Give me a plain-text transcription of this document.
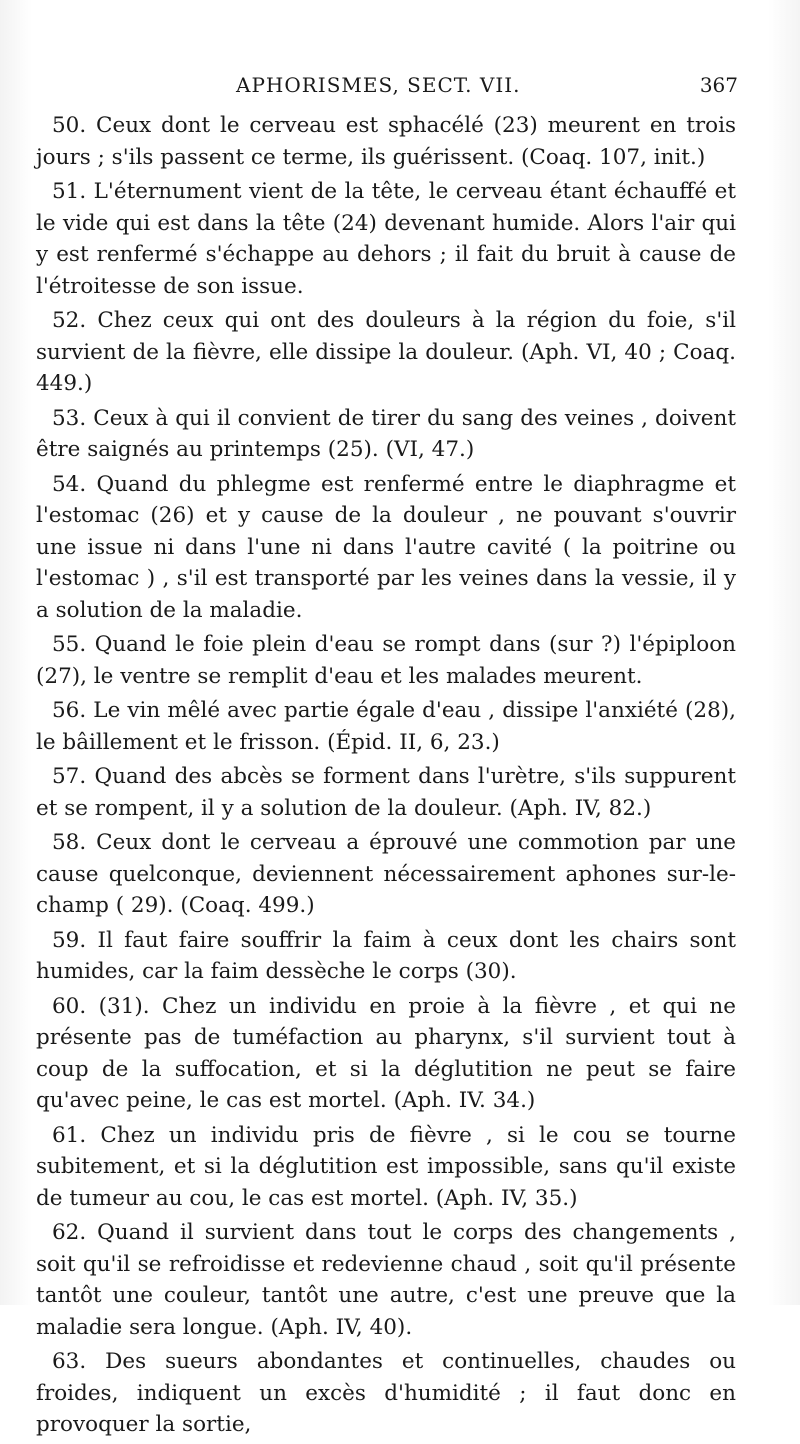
APHORISMES, SECT. VII.	367

50. Ceux dont le cerveau est sphacélé (23) meurent en trois jours ; s'ils passent ce terme, ils guérissent. (Coaq. 107, init.)

51. L'éternument vient de la tête, le cerveau étant échauffé et le vide qui est dans la tête (24) devenant humide. Alors l'air qui y est renfermé s'échappe au dehors ; il fait du bruit à cause de l'étroitesse de son issue.

52. Chez ceux qui ont des douleurs à la région du foie, s'il survient de la fièvre, elle dissipe la douleur. (Aph. VI, 40 ; Coaq. 449.)

53. Ceux à qui il convient de tirer du sang des veines , doivent être saignés au printemps (25). (VI, 47.)

54. Quand du phlegme est renfermé entre le diaphragme et l'estomac (26) et y cause de la douleur , ne pouvant s'ouvrir une issue ni dans l'une ni dans l'autre cavité ( la poitrine ou l'estomac ) , s'il est transporté par les veines dans la vessie, il y a solution de la maladie.

55. Quand le foie plein d'eau se rompt dans (sur ?) l'épiploon (27), le ventre se remplit d'eau et les malades meurent.

56. Le vin mêlé avec partie égale d'eau , dissipe l'anxiété (28), le bâillement et le frisson. (Épid. II, 6, 23.)

57. Quand des abcès se forment dans l'urètre, s'ils suppurent et se rompent, il y a solution de la douleur. (Aph. IV, 82.)

58. Ceux dont le cerveau a éprouvé une commotion par une cause quelconque, deviennent nécessairement aphones sur-le-champ ( 29). (Coaq. 499.)

59. Il faut faire souffrir la faim à ceux dont les chairs sont humides, car la faim dessèche le corps (30).

60. (31). Chez un individu en proie à la fièvre , et qui ne présente pas de tuméfaction au pharynx, s'il survient tout à coup de la suffocation, et si la déglutition ne peut se faire qu'avec peine, le cas est mortel. (Aph. IV. 34.)

61. Chez un individu pris de fièvre , si le cou se tourne subitement, et si la déglutition est impossible, sans qu'il existe de tumeur au cou, le cas est mortel. (Aph. IV, 35.)

62. Quand il survient dans tout le corps des changements , soit qu'il se refroidisse et redevienne chaud , soit qu'il présente tantôt une couleur, tantôt une autre, c'est une preuve que la maladie sera longue. (Aph. IV, 40).

63. Des sueurs abondantes et continuelles, chaudes ou froides, indiquent un excès d'humidité ; il faut donc en provoquer la sortie,
